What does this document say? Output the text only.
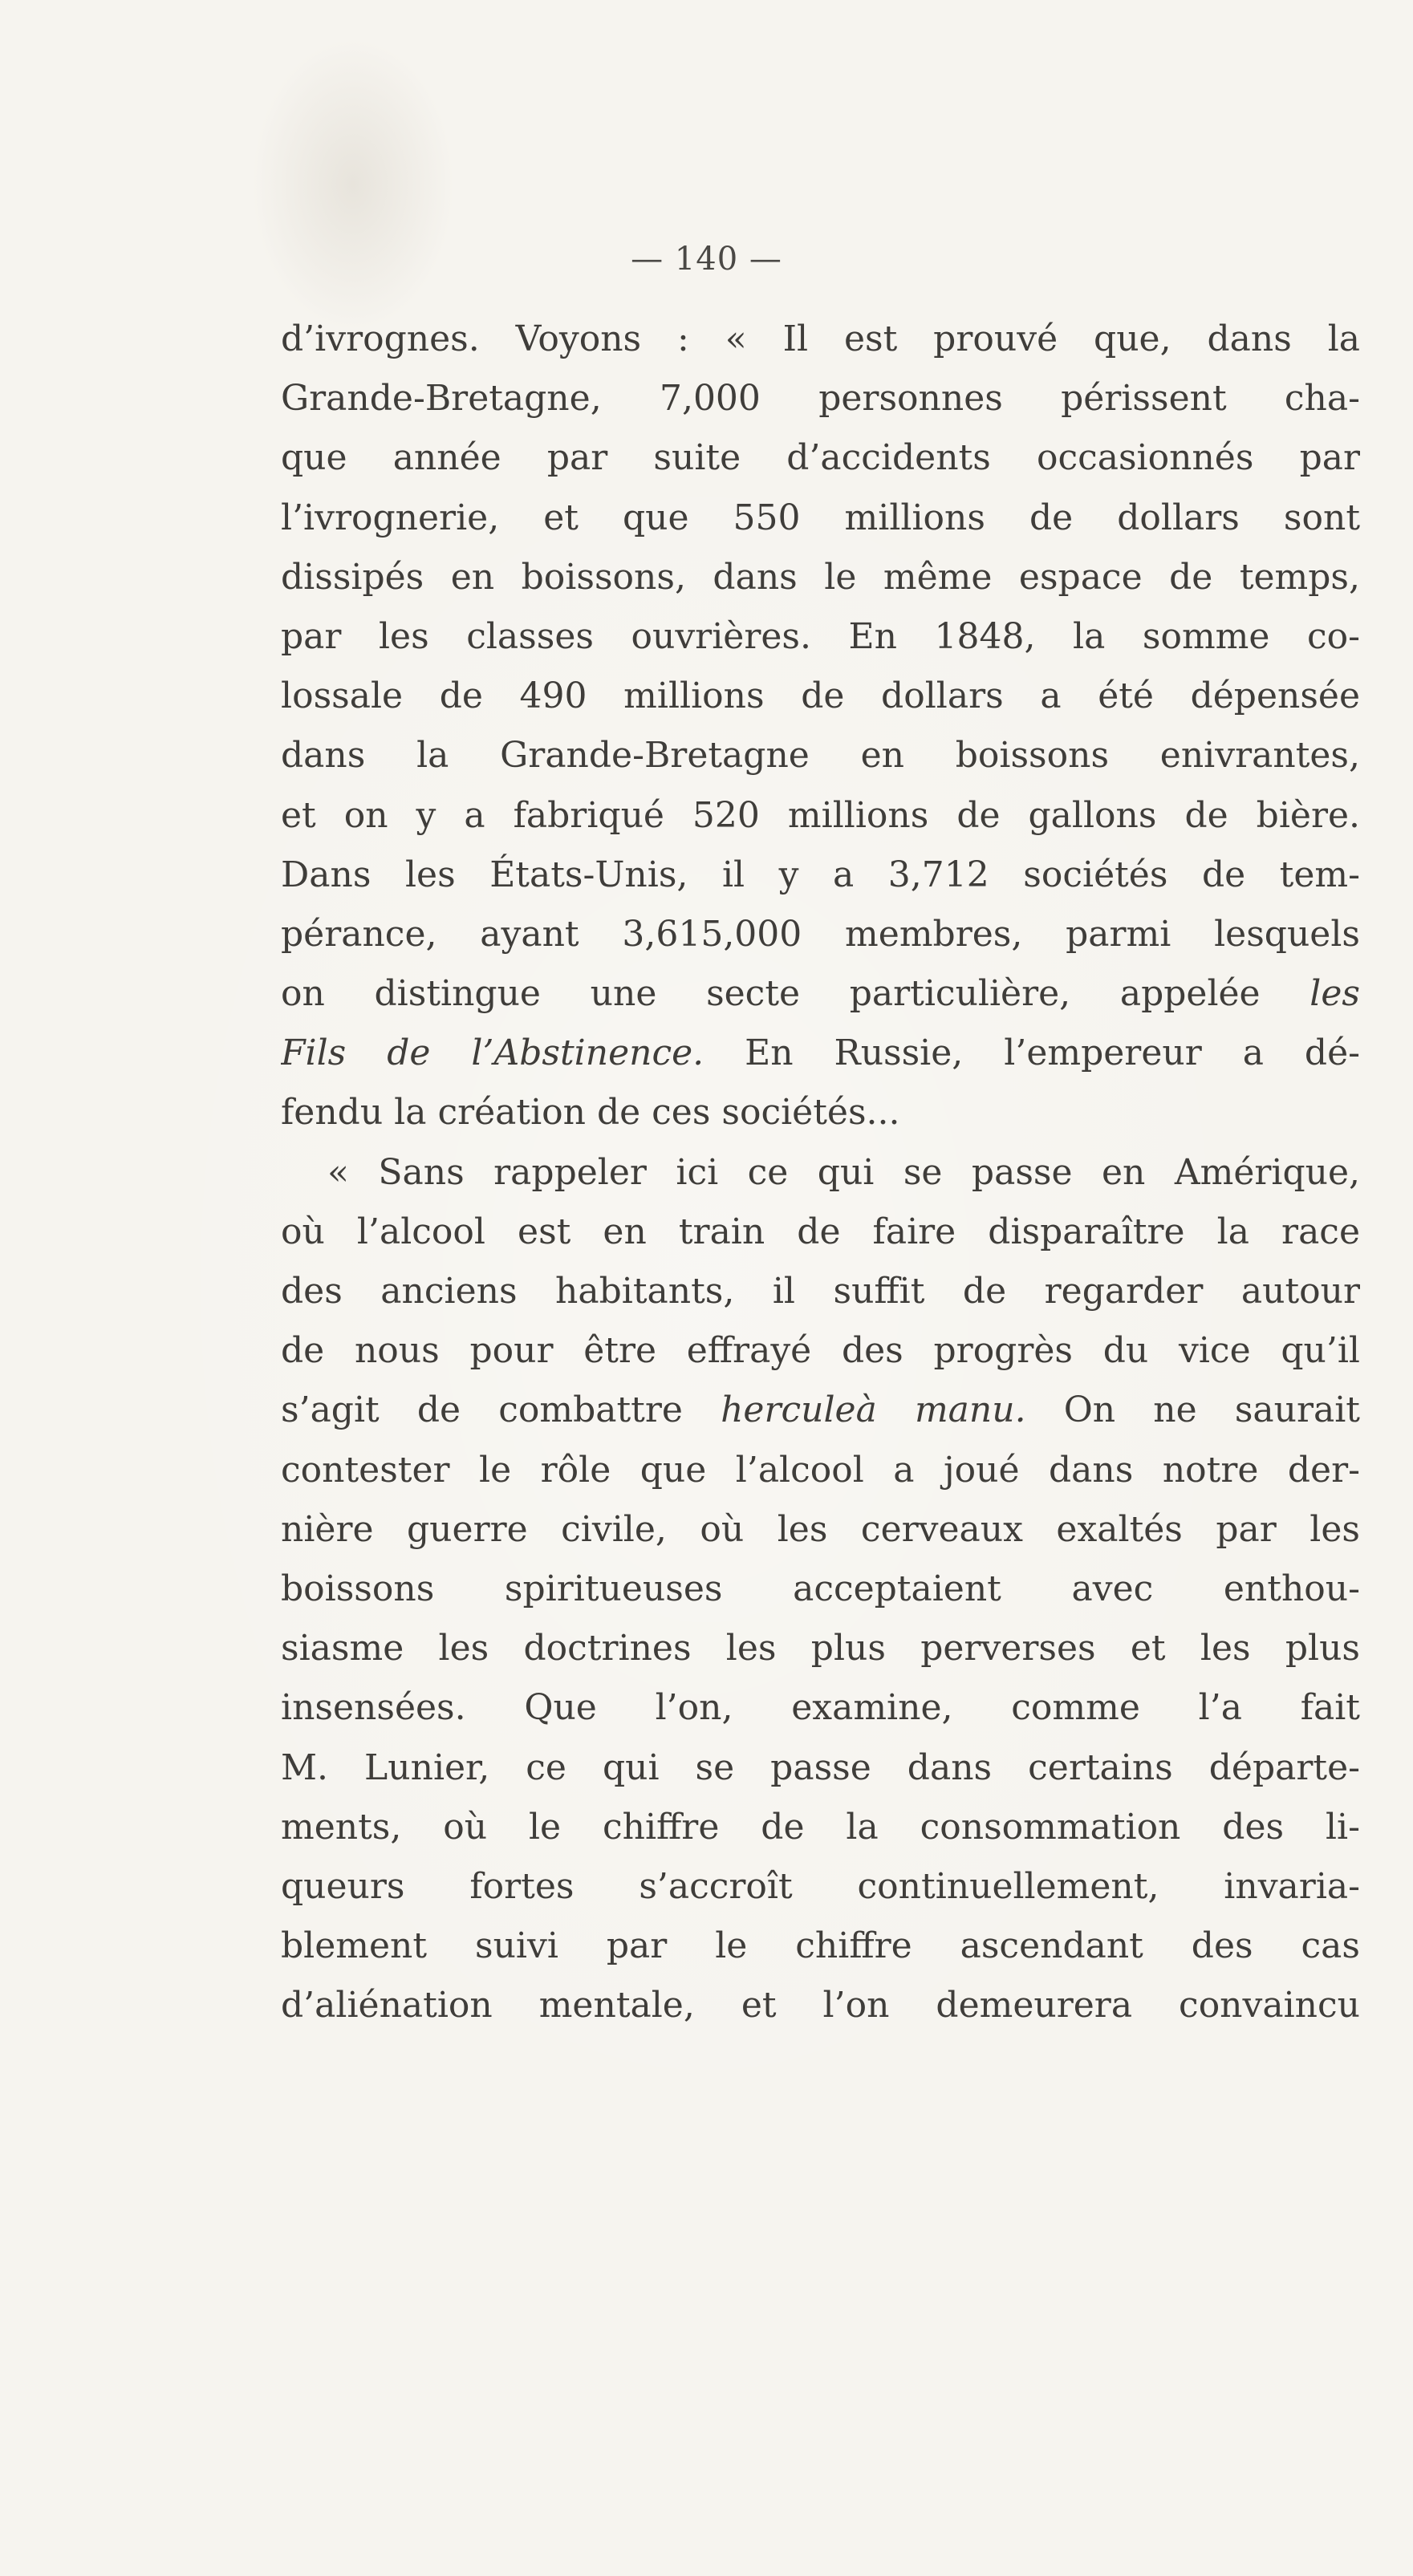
— 140 —
d’ivrognes. Voyons : « Il est prouvé que, dans la
Grande-Bretagne, 7,000 personnes périssent cha-
que année par suite d’accidents occasionnés par
l’ivrognerie, et que 550 millions de dollars sont
dissipés en boissons, dans le même espace de temps,
par les classes ouvrières. En 1848, la somme co-
lossale de 490 millions de dollars a été dépensée
dans la Grande-Bretagne en boissons enivrantes,
et on y a fabriqué 520 millions de gallons de bière.
Dans les États-Unis, il y a 3,712 sociétés de tem-
pérance, ayant 3,615,000 membres, parmi lesquels
on distingue une secte particulière, appelée les
Fils de l’Abstinence. En Russie, l’empereur a dé-
fendu la création de ces sociétés...
« Sans rappeler ici ce qui se passe en Amérique,
où l’alcool est en train de faire disparaître la race
des anciens habitants, il suffit de regarder autour
de nous pour être effrayé des progrès du vice qu’il
s’agit de combattre herculeà manu. On ne saurait
contester le rôle que l’alcool a joué dans notre der-
nière guerre civile, où les cerveaux exaltés par les
boissons spiritueuses acceptaient avec enthou-
siasme les doctrines les plus perverses et les plus
insensées. Que l’on, examine, comme l’a fait
M. Lunier, ce qui se passe dans certains départe-
ments, où le chiffre de la consommation des li-
queurs fortes s’accroît continuellement, invaria-
blement suivi par le chiffre ascendant des cas
d’aliénation mentale, et l’on demeurera convaincu
